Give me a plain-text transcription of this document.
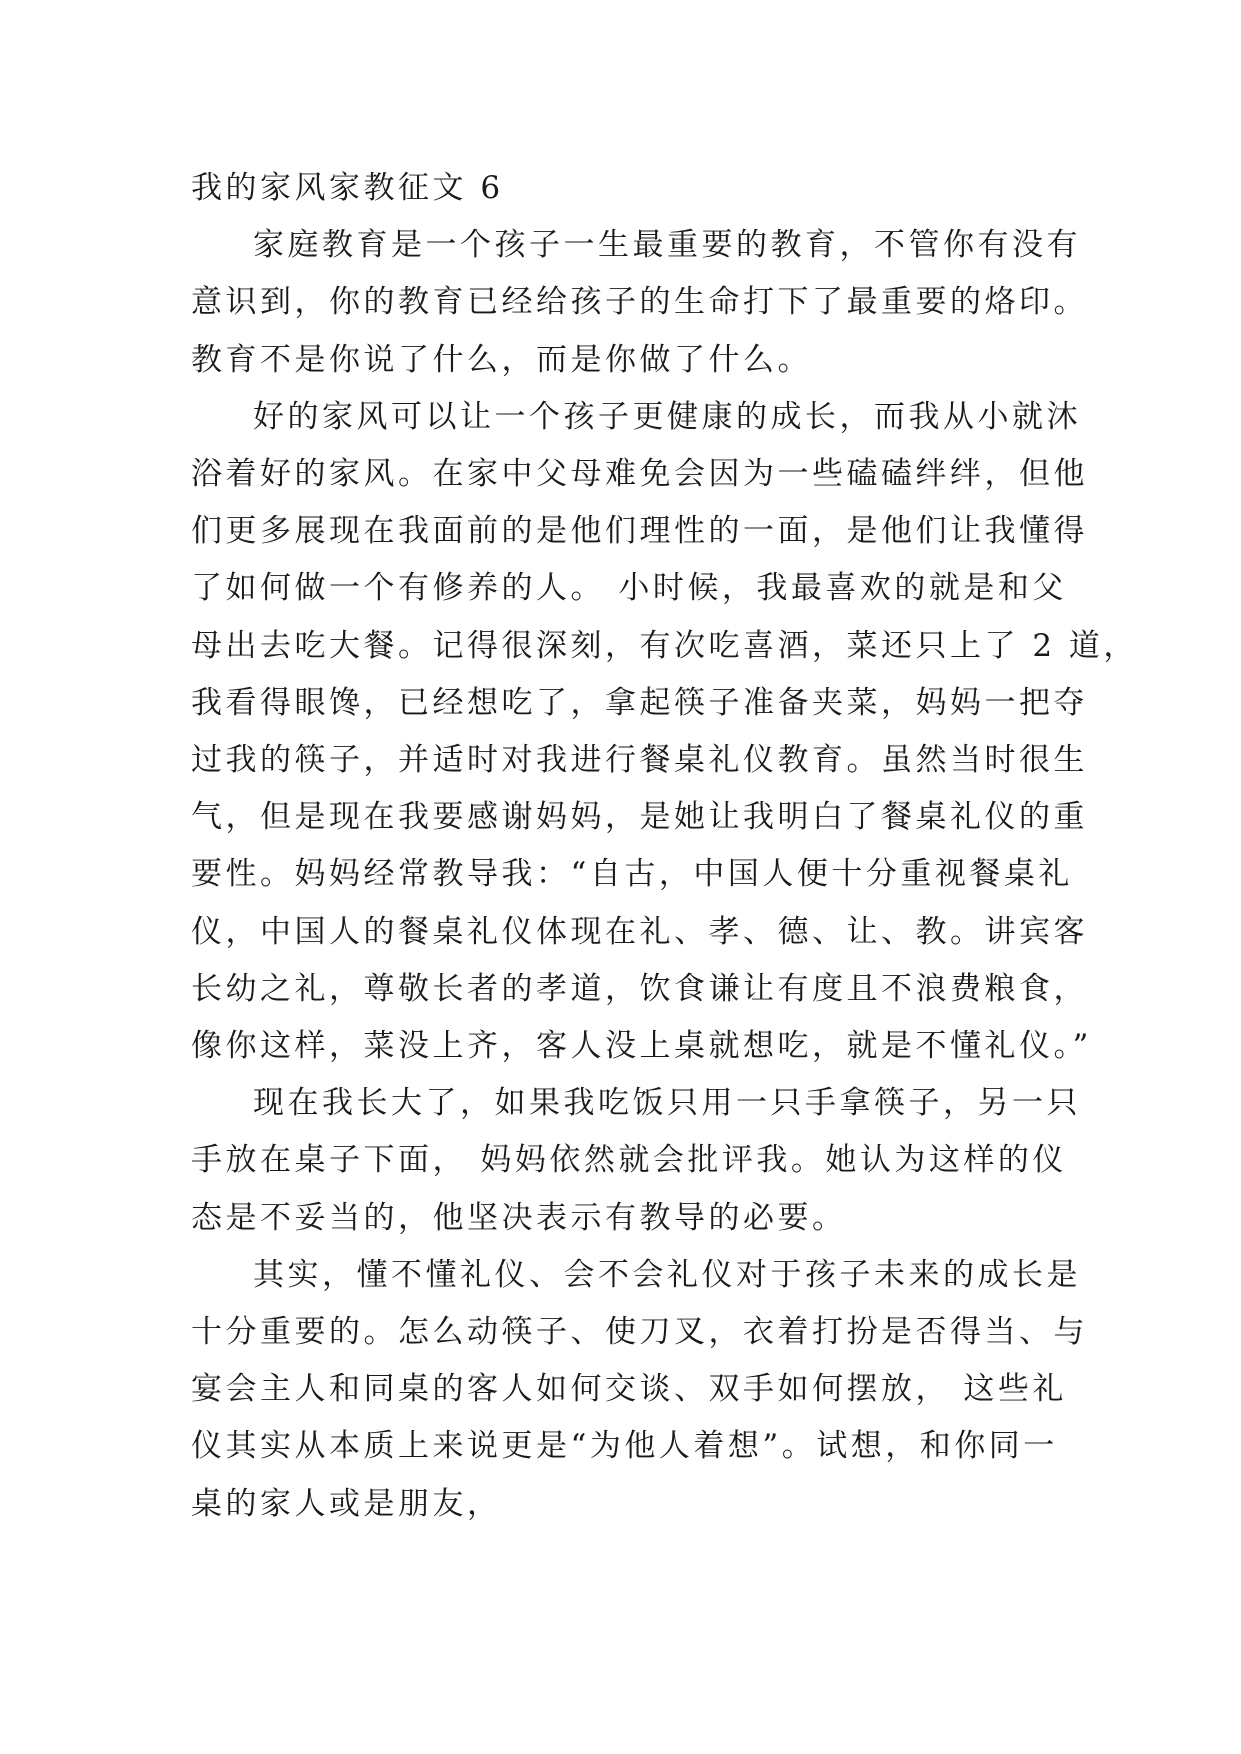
我的家风家教征文 6

家庭教育是一个孩子一生最重要的教育，不管你有没有
意识到，你的教育已经给孩子的生命打下了最重要的烙印。
教育不是你说了什么，而是你做了什么。

好的家风可以让一个孩子更健康的成长，而我从小就沐
浴着好的家风。在家中父母难免会因为一些磕磕绊绊，但他
们更多展现在我面前的是他们理性的一面，是他们让我懂得
了如何做一个有修养的人。 小时候，我最喜欢的就是和父
母出去吃大餐。记得很深刻，有次吃喜酒，菜还只上了 2 道，
我看得眼馋，已经想吃了，拿起筷子准备夹菜，妈妈一把夺
过我的筷子，并适时对我进行餐桌礼仪教育。虽然当时很生
气，但是现在我要感谢妈妈，是她让我明白了餐桌礼仪的重
要性。妈妈经常教导我：“自古，中国人便十分重视餐桌礼
仪，中国人的餐桌礼仪体现在礼、孝、德、让、教。讲宾客
长幼之礼，尊敬长者的孝道，饮食谦让有度且不浪费粮食，
像你这样，菜没上齐，客人没上桌就想吃，就是不懂礼仪。”

现在我长大了，如果我吃饭只用一只手拿筷子，另一只
手放在桌子下面， 妈妈依然就会批评我。她认为这样的仪
态是不妥当的，他坚决表示有教导的必要。

其实，懂不懂礼仪、会不会礼仪对于孩子未来的成长是
十分重要的。怎么动筷子、使刀叉，衣着打扮是否得当、与
宴会主人和同桌的客人如何交谈、双手如何摆放， 这些礼
仪其实从本质上来说更是“为他人着想”。试想，和你同一
桌的家人或是朋友，
